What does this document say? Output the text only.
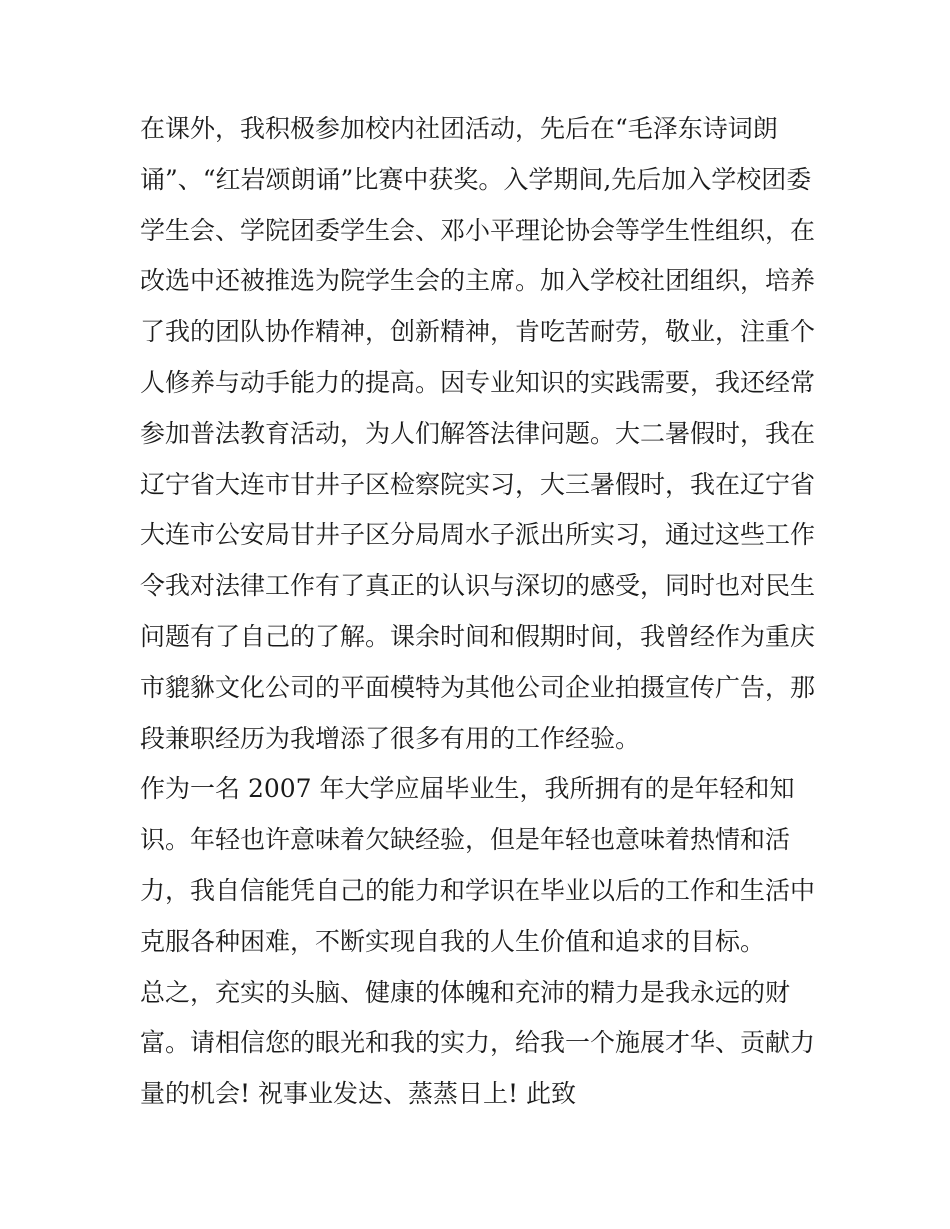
在课外，我积极参加校内社团活动，先后在“毛泽东诗词朗
诵”、“红岩颂朗诵”比赛中获奖。入学期间,先后加入学校团委
学生会、学院团委学生会、邓小平理论协会等学生性组织，在
改选中还被推选为院学生会的主席。加入学校社团组织，培养
了我的团队协作精神，创新精神，肯吃苦耐劳，敬业，注重个
人修养与动手能力的提高。因专业知识的实践需要，我还经常
参加普法教育活动，为人们解答法律问题。大二暑假时，我在
辽宁省大连市甘井子区检察院实习，大三暑假时，我在辽宁省
大连市公安局甘井子区分局周水子派出所实习，通过这些工作
令我对法律工作有了真正的认识与深切的感受，同时也对民生
问题有了自己的了解。课余时间和假期时间，我曾经作为重庆
市貔貅文化公司的平面模特为其他公司企业拍摄宣传广告，那
段兼职经历为我增添了很多有用的工作经验。
作为一名 2007 年大学应届毕业生，我所拥有的是年轻和知
识。年轻也许意味着欠缺经验，但是年轻也意味着热情和活
力，我自信能凭自己的能力和学识在毕业以后的工作和生活中
克服各种困难，不断实现自我的人生价值和追求的目标。
总之，充实的头脑、健康的体魄和充沛的精力是我永远的财
富。请相信您的眼光和我的实力，给我一个施展才华、贡献力
量的机会! 祝事业发达、蒸蒸日上! 此致
